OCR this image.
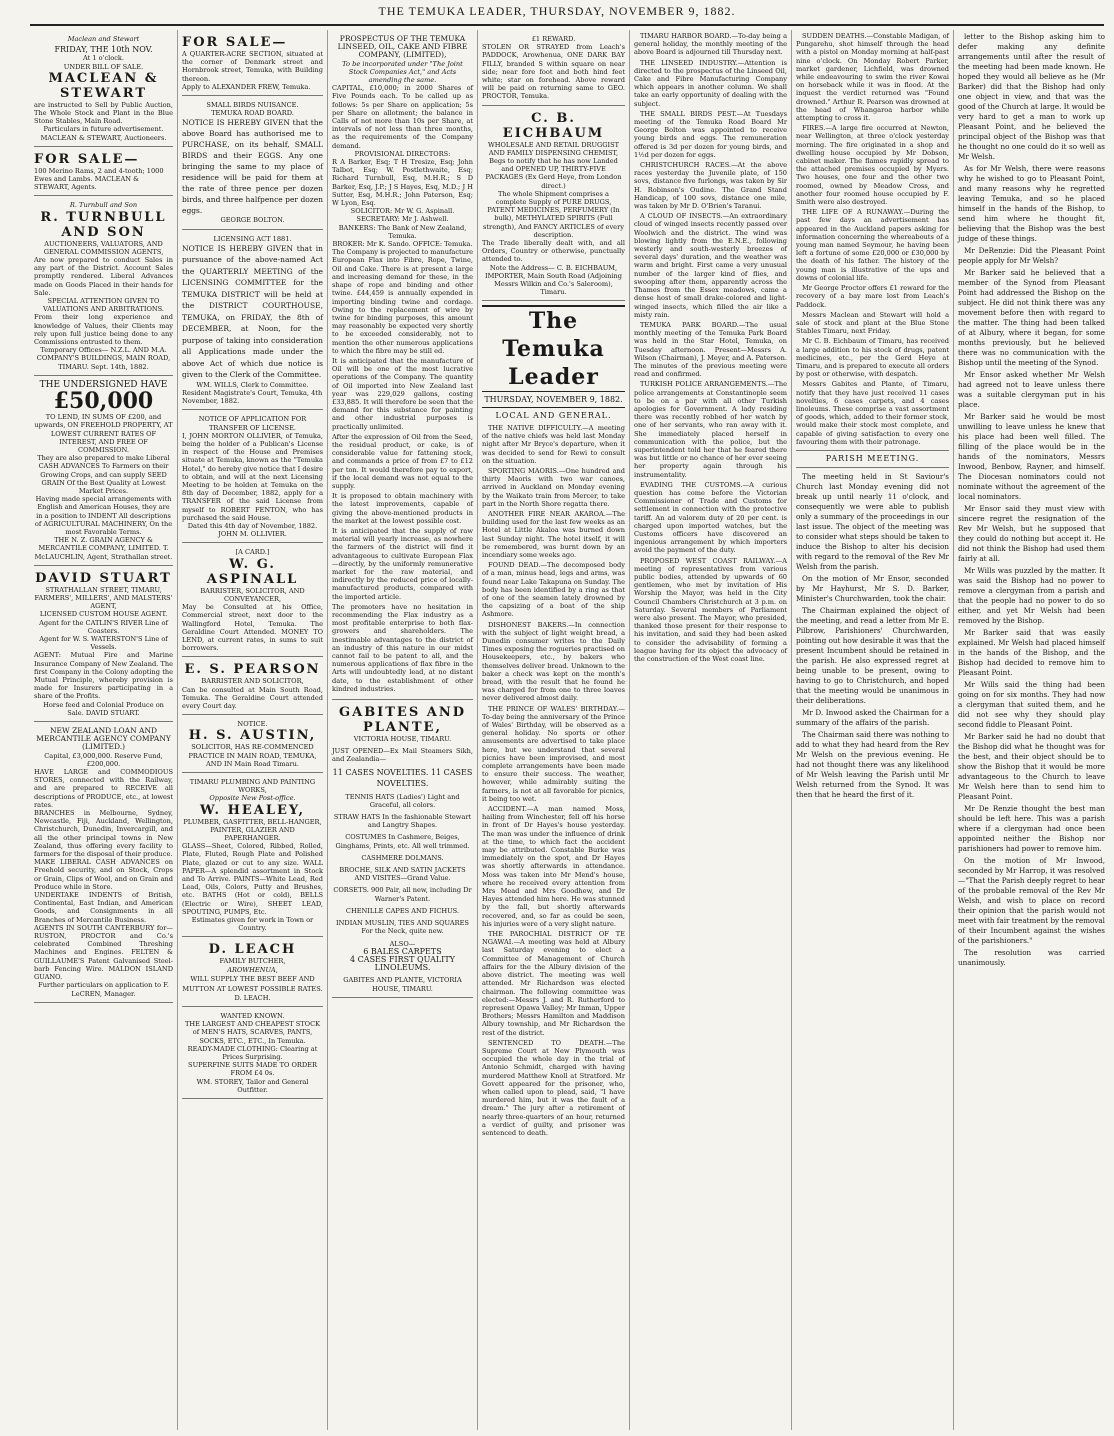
THE TEMUKA LEADER, THURSDAY, NOVEMBER 9, 1882.
Maclean and Stewart
FRIDAY, THE 10th NOV.
At 1 o'clock.
UNDER BILL OF SALE.
MACLEAN & STEWART
are instructed to Sell by Public Auction, The Whole Stock and Plant in the Blue Stone Stables, Main Road.
Particulars in future advertisement. MACLEAN & STEWART, Auctioneers.
FOR SALE—
100 Merino Rams, 2 and 4-tooth; 1000 Ewes and Lambs. MACLEAN & STEWART, Agents.
R. Turnbull and Son
R. TURNBULL AND SON
AUCTIONEERS, VALUATORS, AND GENERAL COMMISSION AGENTS,
Are now prepared to conduct Sales in any part of the District. Account Sales promptly rendered. Liberal Advances made on Goods Placed in their hands for Sale.
SPECIAL ATTENTION GIVEN TO VALUATIONS AND ARBITRATIONS.
From their long experience and knowledge of Values, their Clients may rely upon full justice being done to any Commissions entrusted to them.
Temporary Offices— N.Z.L. AND M.A. COMPANY'S BUILDINGS, MAIN ROAD, TIMARU. Sept. 14th, 1882.
THE UNDERSIGNED HAVE
£50,000
TO LEND, IN SUMS OF £200, and upwards, ON FREEHOLD PROPERTY, AT LOWEST CURRENT RATES OF INTEREST, AND FREE OF COMMISSION.
They are also prepared to make Liberal CASH ADVANCES To Farmers on their Growing Crops, and can supply SEED GRAIN Of the Best Quality at Lowest Market Prices.
Having made special arrangements with English and American Houses, they are in a position to INDENT All descriptions of AGRICULTURAL MACHINERY, On the most Favorable Terms.
THE N. Z. GRAIN AGENCY & MERCANTILE COMPANY, LIMITED. T. McLAUCHLIN, Agent, Strathallan street.
DAVID STUART
STRATHALLAN STREET, TIMARU,
FARMERS', MILLERS', AND MALSTERS' AGENT,
LICENSED CUSTOM HOUSE AGENT.
Agent for the CATLIN'S RIVER Line of Coasters.
Agent for W. S. WATERSTON'S Line of Vessels.
AGENT: Mutual Fire and Marine Insurance Company of New Zealand. The first Company in the Colony adopting the Mutual Principle, whereby provision is made for Insurers participating in a share of the Profits.
Horse feed and Colonial Produce on Sale. DAVID STUART.
NEW ZEALAND LOAN AND MERCANTILE AGENCY COMPANY (LIMITED.)
Capital, £3,000,000. Reserve Fund, £200,000.
HAVE LARGE and COMMODIOUS STORES, connected with the Railway, and are prepared to RECEIVE all descriptions of PRODUCE, etc., at lowest rates.
BRANCHES in Melbourne, Sydney, Newcastle, Fiji, Auckland, Wellington, Christchurch, Dunedin, Invercargill, and all the other principal towns in New Zealand, thus offering every facility to farmers for the disposal of their produce.
MAKE LIBERAL CASH ADVANCES on Freehold security, and on Stock, Crops or Grain, Clips of Wool, and on Grain and Produce while in Store.
UNDERTAKE INDENTS of British, Continental, East Indian, and American Goods, and Consignments in all Branches of Mercantile Business.
AGENTS IN SOUTH CANTERBURY for— RUSTON, PROCTOR and Co.'s celebrated Combined Threshing Machines and Engines. FELTEN & GUILLAUME'S Patent Galvanised Steel-barb Fencing Wire. MALDON ISLAND GUANO.
Further particulars on application to F. LeCREN, Manager.
FOR SALE—
A QUARTER-ACRE SECTION, situated at the corner of Denmark street and Hornbrook street, Temuka, with Building thereon.
Apply to ALEXANDER FREW, Temuka.
SMALL BIRDS NUISANCE.
TEMUKA ROAD BOARD.
NOTICE IS HEREBY GIVEN that the above Board has authorised me to PURCHASE, on its behalf, SMALL BIRDS and their EGGS. Any one bringing the same to my place of residence will be paid for them at the rate of three pence per dozen birds, and three halfpence per dozen eggs.
GEORGE BOLTON.
LICENSING ACT 1881.
NOTICE IS HEREBY GIVEN that in pursuance of the above-named Act the QUARTERLY MEETING of the LICENSING COMMITTEE for the TEMUKA DISTRICT will be held at the DISTRICT COURTHOUSE, TEMUKA, on FRIDAY, the 8th of DECEMBER, at Noon, for the purpose of taking into consideration all Applications made under the above Act of which due notice is given to the Clerk of the Committee.
WM. WILLS, Clerk to Committee.
Resident Magistrate's Court, Temuka, 4th November, 1882.
NOTICE OF APPLICATION FOR TRANSFER OF LICENSE.
I, JOHN MORTON OLLIVIER, of Temuka, being the holder of a Publican's License in respect of the House and Premises situate at Temuka, known as the "Temuka Hotel," do hereby give notice that I desire to obtain, and will at the next Licensing Meeting to be holden at Temuka on the 8th day of December, 1882, apply for a TRANSFER of the said License from myself to ROBERT FENTON, who has purchased the said House.
Dated this 4th day of November, 1882. JOHN M. OLLIVIER.
[A CARD.]
W. G. ASPINALL
BARRISTER, SOLICITOR, AND CONVEYANCER,
May be Consulted at his Office, Commercial street, next door to the Wallingford Hotel, Temuka. The Geraldine Court Attended. MONEY TO LEND, at current rates, in sums to suit borrowers.
E. S. PEARSON
BARRISTER AND SOLICITOR,
Can be consulted at Main South Road, Temuka. The Geraldine Court attended every Court day.
NOTICE.
H. S. AUSTIN,
SOLICITOR, HAS RE-COMMENCED PRACTICE IN MAIN ROAD, TEMUKA, AND IN Main Road Timaru.
TIMARU PLUMBING AND PAINTING WORKS,
Opposite New Post-office.
W. HEALEY,
PLUMBER, GASFITTER, BELL-HANGER, PAINTER, GLAZIER AND PAPERHANGER.
GLASS—Sheet, Colored, Ribbed, Rolled, Plate, Fluted, Rough Plate and Polished Plate, glazed or cut to any size. WALL PAPER—A splendid assortment in Stock and To Arrive. PAINTS—White Lead, Red Lead, Oils, Colors, Putty and Brushes, etc. BATHS (Hot or cold), BELLS (Electric or Wire), SHEET LEAD, SPOUTING, PUMPS, Etc.
Estimates given for work in Town or Country.
D. LEACH
FAMILY BUTCHER,
AROWHENUA,
WILL SUPPLY THE BEST BEEF AND MUTTON AT LOWEST POSSIBLE RATES.
D. LEACH.
WANTED KNOWN.
THE LARGEST AND CHEAPEST STOCK of MEN'S HATS, SCARVES, PANTS, SOCKS, ETC., ETC., In Temuka.
READY-MADE CLOTHING: Clearing at Prices Surprising.
SUPERFINE SUITS MADE TO ORDER FROM £4 0s.
WM. STOREY, Tailor and General Outfitter.
PROSPECTUS OF THE TEMUKA LINSEED, OIL, CAKE AND FIBRE COMPANY, (LIMITED),
To be incorporated under "The Joint Stock Companies Act," and Acts amending the same.
CAPITAL, £10,000; in 2000 Shares of Five Pounds each. To be called up as follows: 5s per Share on application; 5s per Share on allotment; the balance in Calls of not more than 10s per Share, at intervals of not less than three months, as the requirements of the Company demand.
PROVISIONAL DIRECTORS:
R A Barker, Esq; T H Tresize, Esq; John Talbot, Esq; W. Postlethwaite, Esq; Richard Turnbull, Esq, M.H.R.; S D Barker, Esq, J.P.; J S Hayes, Esq, M.D.; J H Sutter, Esq, M.H.R.; John Paterson, Esq; W Lyon, Esq.
SOLICITOR: Mr W. G. Aspinall.
SECRETARY: Mr J. Ashwell.
BANKERS: The Bank of New Zealand, Temuka.
BROKER: Mr K. Sando. OFFICE: Temuka.

The Company is projected to manufacture European Flax into Fibre, Rope, Twine, Oil and Cake. There is at present a large and increasing demand for these, in the shape of rope and binding and other twine. £44,459 is annually expended in importing binding twine and cordage. Owing to the replacement of wire by twine for binding purposes, this amount may reasonably be expected very shortly to be exceeded considerably, not to mention the other numerous applications to which the fibre may be still ed.

It is anticipated that the manufacture of Oil will be one of the most lucrative operations of the Company. The quantity of Oil imported into New Zealand last year was 229,029 gallons, costing £33,885. It will therefore be seen that the demand for this substance for painting and other industrial purposes is practically unlimited.

After the expression of Oil from the Seed, the residual product, or cake, is of considerable value for fattening stock, and commands a price of from £7 to £12 per ton. It would therefore pay to export, if the local demand was not equal to the supply.

It is proposed to obtain machinery with the latest improvements, capable of giving the above-mentioned products in the market at the lowest possible cost.

It is anticipated that the supply of raw material will yearly increase, as nowhere the farmers of the district will find it advantageous to cultivate European Flax—directly, by the uniformly remunerative market for the raw material, and indirectly by the reduced price of locally-manufactured products, compared with the imported article.

The promoters have no hesitation in recommending the Flax industry as a most profitable enterprise to both flax-growers and shareholders. The inestimable advantages to the district of an industry of this nature in our midst cannot fail to be patent to all, and the numerous applications of flax fibre in the Arts will undoubtedly lead, at no distant date, to the establishment of other kindred industries.

GABITES AND PLANTE,
VICTORIA HOUSE, TIMARU.
JUST OPENED—Ex Mail Steamers Sikh, and Zealandia—
11 CASES NOVELTIES. 11 CASES NOVELTIES.
TENNIS HATS (Ladies') Light and Graceful, all colors.
STRAW HATS In the fashionable Stewart and Langtry Shapes.
COSTUMES In Cashmere, Beiges, Ginghams, Prints, etc. All well trimmed.
CASHMERE DOLMANS.
BROCHE, SILK AND SATIN JACKETS AND VISITES—Grand Value.
CORSETS. 900 Pair, all new, including Dr Warner's Patent.
CHENILLE CAPES AND FICHUS.
INDIAN MUSLIN, TIES AND SQUARES For the Neck, quite new.
ALSO—
6 BALES CARPETS
4 CASES FIRST QUALITY LINOLEUMS.
GABITES AND PLANTE, VICTORIA HOUSE, TIMARU.
£1 REWARD.
STOLEN OR STRAYED from Leach's PADDOCK, Arowhenua, ONE DARK BAY FILLY, branded S within square on near side; near fore foot and both hind feet white; star on forehead. Above reward will be paid on returning same to GEO. PROCTOR, Temuka.
C. B. EICHBAUM
WHOLESALE AND RETAIL DRUGGIST AND FAMILY DISPENSING CHEMIST,
Begs to notify that he has now Landed and OPENED UP, THIRTY-FIVE PACKAGES (Ex Gerd Heye, from London direct.)
The whole Shipment comprises a complete Supply of PURE DRUGS, PATENT MEDICINES, PERFUMERY (In bulk), METHYLATED SPIRITS (Full strength), And FANCY ARTICLES of every description.
The Trade liberally dealt with, and all Orders, Country or otherwise, punctually attended to.
Note the Address— C. B. EICHBAUM, IMPORTER, Main South Road (Adjoining Messrs Wilkin and Co.'s Saleroom), Timaru.
The Temuka Leader
THURSDAY, NOVEMBER 9, 1882.
LOCAL AND GENERAL.

THE NATIVE DIFFICULTY.—A meeting of the native chiefs was held last Monday night after Mr Bryce's departure, when it was decided to send for Rewi to consult on the situation.

SPORTING MAORIS.—One hundred and thirty Maoris with two war canoes, arrived in Auckland on Monday evening by the Waikato train from Mercer, to take part in the North Shore regatta there.

ANOTHER FIRE NEAR AKAROA.—The building used for the last few weeks as an Hotel at Little Akaloa was burned down last Sunday night. The hotel itself, it will be remembered, was burnt down by an incendiary some weeks ago.

FOUND DEAD.—The decomposed body of a man, minus head, legs and arms, was found near Lake Takapuna on Sunday. The body has been identified by a ring as that of one of the seamen lately drowned by the capsizing of a boat of the ship Ashmore.

DISHONEST BAKERS.—In connection with the subject of light weight bread, a Dunedin consumer writes to the Daily Times exposing the rogueries practised on Housekeepers, etc., by bakers who themselves deliver bread. Unknown to the baker a check was kept on the month's bread, with the result that he found he was charged for from one to three loaves never delivered almost daily.

THE PRINCE OF WALES' BIRTHDAY.—To-day being the anniversary of the Prince of Wales' Birthday, will be observed as a general holiday. No sports or other amusements are advertised to take place here, but we understand that several picnics have been improvised, and most complete arrangements have been made to ensure their success. The weather, however, while admirably suiting the farmers, is not at all favorable for picnics, it being too wet.

ACCIDENT.—A man named Moss, hailing from Winchester, fell off his horse in front of Dr Hayes's house yesterday. The man was under the influence of drink at the time, to which fact the accident may be attributed. Constable Burke was immediately on the spot, and Dr Hayes was shortly afterwards in attendance. Moss was taken into Mr Mend's house, where he received every attention from Mrs Mead and Mrs Goodhew, and Dr Hayes attended him here. He was stunned by the fall, but shortly afterwards recovered, and, so far as could be seen, his injuries were of a very slight nature.

THE PAROCHIAL DISTRICT OF TE NGAWAI.—A meeting was held at Albury last Saturday evening to elect a Committee of Management of Church affairs for the the Albury division of the above district. The meeting was well attended. Mr Richardson was elected chairman. The following committee was elected:—Messrs J. and R. Rutherford to represent Opawa Valley; Mr Inman, Upper Brothers; Messrs Hamilton and Maddison Albury township, and Mr Richardson the rest of the district.

SENTENCED TO DEATH.—The Supreme Court at New Plymouth was occupied the whole day in the trial of Antonio Schmidt, charged with having murdered Matthew Knoll at Stratford. Mr Govett appeared for the prisoner, who, when called upon to plead, said, "I have murdered him, but it was the fault of a dream." The jury after a retirement of nearly three-quarters of an hour, returned a verdict of guilty, and prisoner was sentenced to death.

TIMARU HARBOR BOARD.—To-day being a general holiday, the monthly meeting of the above Board is adjourned till Thursday next.

THE LINSEED INDUSTRY.—Attention is directed to the prospectus of the Linseed Oil, Cake and Fibre Manufacturing Company which appears in another column. We shall take an early opportunity of dealing with the subject.

THE SMALL BIRDS PEST.—At Tuesdays meeting of the Temuka Road Board Mr George Bolton was appointed to receive young birds and eggs. The remuneration offered is 3d per dozen for young birds, and 1½d per dozen for eggs.

CHRISTCHURCH RACES.—At the above races yesterday the Juvenile plate, of 150 sovs, distance five furlongs, was taken by Sir H. Robinson's Oudine. The Grand Stand Handicap, of 100 sovs, distance one mile, was taken by Mr D. O'Brien's Taranui.

A CLOUD OF INSECTS.—An extraordinary cloud of winged insects recently passed over Woolwich and the district. The wind was blowing lightly from the E.N.E., following westerly and south-westerly breezes of several days' duration, and the weather was warm and bright. First came a very unusual number of the larger kind of flies, and swooping after them, apparently across the Thames from the Essex meadows, came a dense host of small drake-colored and light-winged insects, which filled the air like a misty rain.

TEMUKA PARK BOARD.—The usual monthly meeting of the Temuka Park Board was held in the Star Hotel, Temuka, on Tuesday afternoon. Present—Messrs A. Wilson (Chairman), J. Meyer, and A. Paterson. The minutes of the previous meeting were read and confirmed.

TURKISH POLICE ARRANGEMENTS.—The police arrangements at Constantinople seem to be on a par with all other Turkish apologies for Government. A lady residing there was recently robbed of her watch by one of her servants, who ran away with it. She immediately placed herself in communication with the police, but the superintendent told her that he feared there was but little or no chance of her ever seeing her property again through his instrumentality.

EVADING THE CUSTOMS.—A curious question has come before the Victorian Commissioner of Trade and Customs for settlement in connection with the protective tariff. An ad valorem duty of 20 per cent. is charged upon imported watches, but the Customs officers have discovered an ingenious arrangement by which importers avoid the payment of the duty.

PROPOSED WEST COAST RAILWAY.—A meeting of representatives from various public bodies, attended by upwards of 60 gentlemen, who met by invitation of His Worship the Mayor, was held in the City Council Chambers Christchurch at 3 p.m. on Saturday. Several members of Parliament were also present. The Mayor, who presided, thanked those present for their response to his invitation, and said they had been asked to consider the advisability of forming a league having for its object the advocacy of the construction of the West coast line.

SUDDEN DEATHS.—Constable Madigan, of Pungarehu, shot himself through the head with a pistol on Monday morning at half-past nine o'clock. On Monday Robert Parker, market gardener, Lichfield, was drowned while endeavouring to swim the river Kowai on horseback while it was in flood. At the inquest the verdict returned was "Found drowned." Arthur R. Pearson was drowned at the head of Whangaroa harbor while attempting to cross it.

FIRES.—A large fire occurred at Newton, near Wellington, at three o'clock yesterday morning. The fire originated in a shop and dwelling house occupied by Mr Dobson, cabinet maker. The flames rapidly spread to the attached premises occupied by Myers. Two houses, one four and the other two roomed, owned by Meadow Cross, and another four roomed house occupied by F. Smith were also destroyed.

THE LIFE OF A RUNAWAY.—During the past few days an advertisement has appeared in the Auckland papers asking for information concerning the whereabouts of a young man named Seymour, he having been left a fortune of some £20,000 or £30,000 by the death of his father. The history of the young man is illustrative of the ups and downs of colonial life.

Mr George Proctor offers £1 reward for the recovery of a bay mare lost from Leach's Paddock.

Messrs Maclean and Stewart will hold a sale of stock and plant at the Blue Stone Stables Timaru, next Friday.

Mr C. B. Eichbaum of Timaru, has received a large addition to his stock of drugs, patent medicines, etc., per the Gerd Heye at Timaru, and is prepared to execute all orders by post or otherwise, with despatch.

Messrs Gabites and Plante, of Timaru, notify that they have just received 11 cases novelties, 6 cases carpets, and 4 cases linoleums. These comprise a vast assortment of goods, which, added to their former stock, would make their stock most complete, and capable of giving satisfaction to every one favouring them with their patronage.

PARISH MEETING.

The meeting held in St Saviour's Church last Monday evening did not break up until nearly 11 o'clock, and consequently we were able to publish only a summary of the proceedings in our last issue. The object of the meeting was to consider what steps should be taken to induce the Bishop to alter his decision with regard to the removal of the Rev Mr Welsh from the parish.

On the motion of Mr Ensor, seconded by Mr Hayhurst, Mr S. D. Barker, Minister's Churchwarden, took the chair.

The Chairman explained the object of the meeting, and read a letter from Mr E. Pilbrow, Parishioners' Churchwarden, pointing out how desirable it was that the present Incumbent should be retained in the parish. He also expressed regret at being unable to be present, owing to having to go to Christchurch, and hoped that the meeting would be unanimous in their deliberations.

Mr D. Inwood asked the Chairman for a summary of the affairs of the parish.

The Chairman said there was nothing to add to what they had heard from the Rev Mr Welsh on the previous evening. He had not thought there was any likelihood of Mr Welsh leaving the Parish until Mr Welsh returned from the Synod. It was then that he heard the first of it.

letter to the Bishop asking him to defer making any definite arrangements until after the result of the meeting had been made known. He hoped they would all believe as he (Mr Barker) did that the Bishop had only one object in view, and that was the good of the Church at large. It would be very hard to get a man to work up Pleasant Point, and he believed the principal object of the Bishop was that he thought no one could do it so well as Mr Welsh.

As for Mr Welsh, there were reasons why he wished to go to Pleasant Point, and many reasons why he regretted leaving Temuka, and so he placed himself in the hands of the Bishop, to send him where he thought fit, believing that the Bishop was the best judge of these things.

Mr DeRenzie: Did the Pleasant Point people apply for Mr Welsh?

Mr Barker said he believed that a member of the Synod from Pleasant Point had addressed the Bishop on the subject. He did not think there was any movement before then with regard to the matter. The thing had been talked of at Albury, where it began, for some months previously, but he believed there was no communication with the Bishop until the meeting of the Synod.

Mr Ensor asked whether Mr Welsh had agreed not to leave unless there was a suitable clergyman put in his place.

Mr Barker said he would be most unwilling to leave unless he knew that his place had been well filled. The filling of the place would be in the hands of the nominators, Messrs Inwood, Benbow, Rayner, and himself. The Diocesan nominators could not nominate without the agreement of the local nominators.

Mr Ensor said they must view with sincere regret the resignation of the Rev Mr Welsh, but he supposed that they could do nothing but accept it. He did not think the Bishop had used them fairly at all.

Mr Wills was puzzled by the matter. It was said the Bishop had no power to remove a clergyman from a parish and that the people had no power to do so either, and yet Mr Welsh had been removed by the Bishop.

Mr Barker said that was easily explained. Mr Welsh had placed himself in the hands of the Bishop, and the Bishop had decided to remove him to Pleasant Point.

Mr Wills said the thing had been going on for six months. They had now a clergyman that suited them, and he did not see why they should play second fiddle to Pleasant Point.

Mr Barker said he had no doubt that the Bishop did what he thought was for the best, and their object should be to show the Bishop that it would be more advantageous to the Church to leave Mr Welsh here than to send him to Pleasant Point.

Mr De Renzie thought the best man should be left here. This was a parish where if a clergyman had once been appointed neither the Bishop nor parishioners had power to remove him.

On the motion of Mr Inwood, seconded by Mr Harrop, it was resolved—"That the Parish deeply regret to hear of the probable removal of the Rev Mr Welsh, and wish to place on record their opinion that the parish would not meet with fair treatment by the removal of their Incumbent against the wishes of the parishioners."

The resolution was carried unanimously.
